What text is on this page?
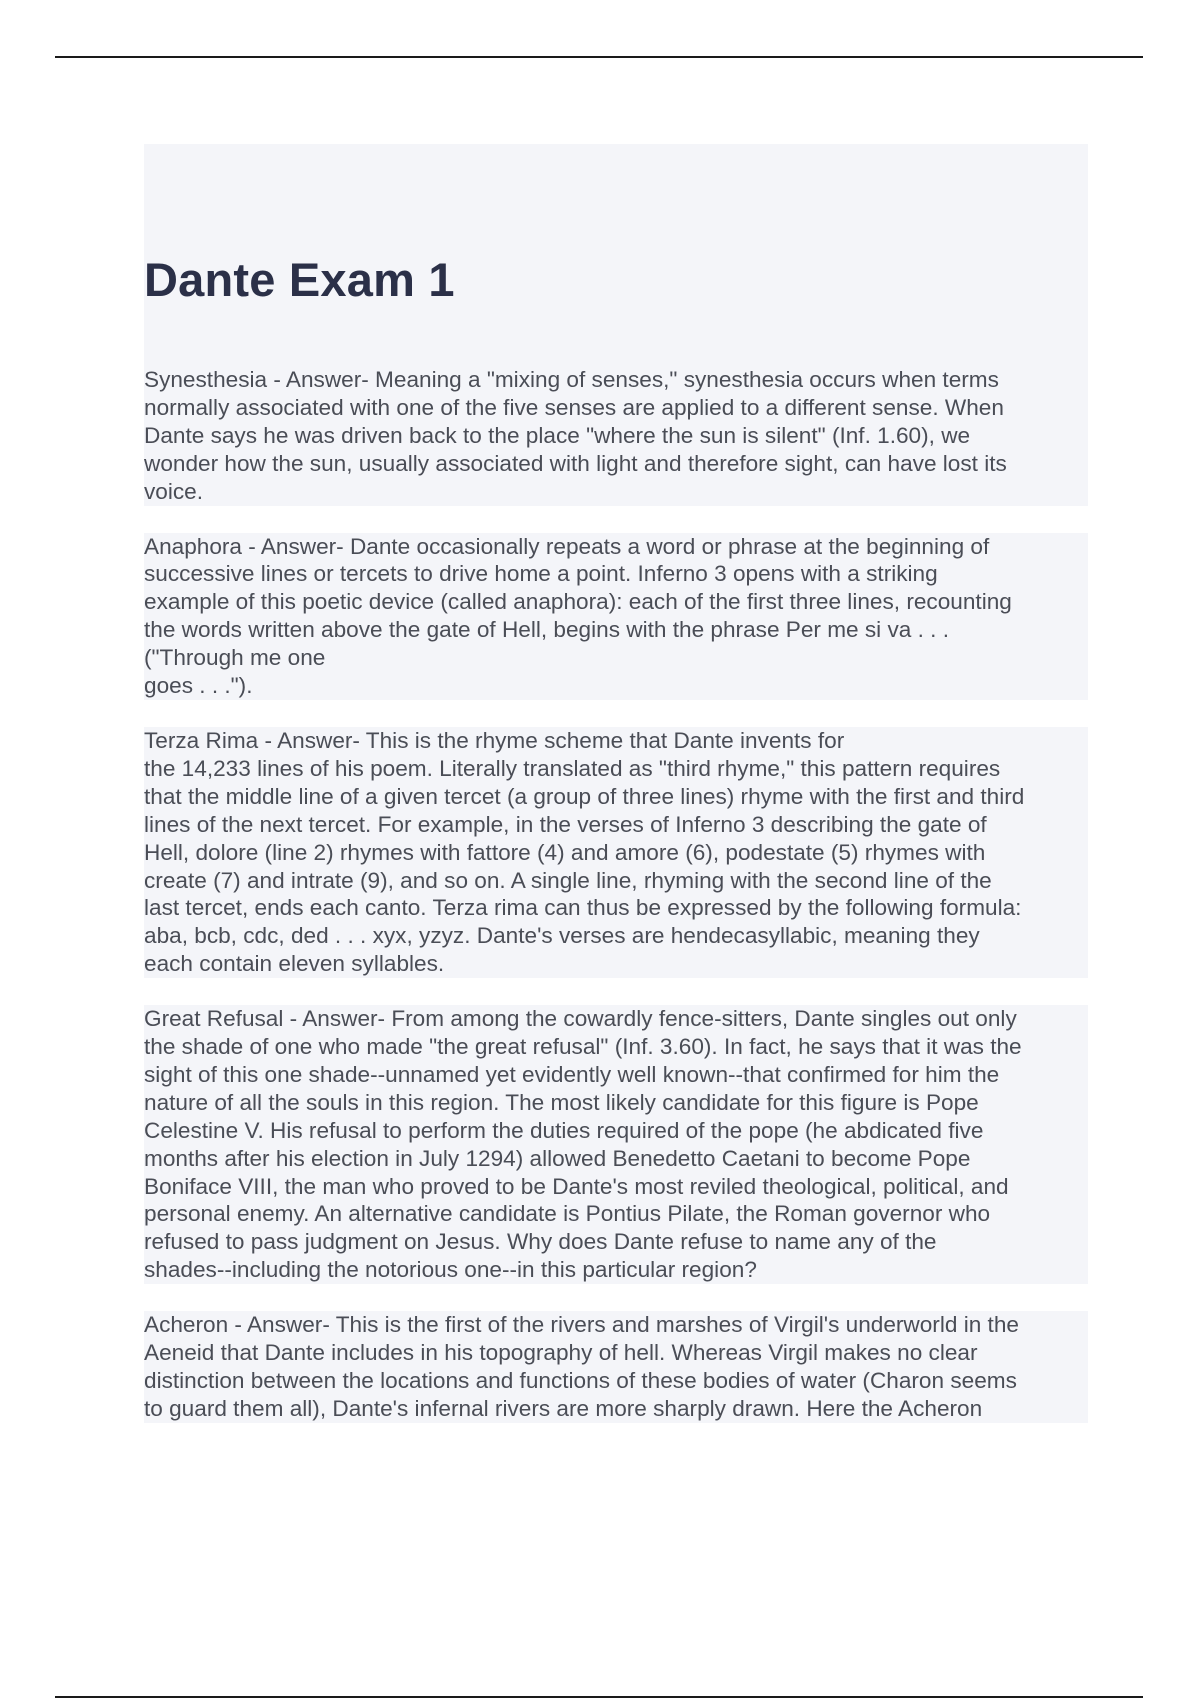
Dante Exam 1
Synesthesia - Answer- Meaning a "mixing of senses," synesthesia occurs when terms
normally associated with one of the five senses are applied to a different sense. When
Dante says he was driven back to the place "where the sun is silent" (Inf. 1.60), we
wonder how the sun, usually associated with light and therefore sight, can have lost its
voice.
Anaphora - Answer- Dante occasionally repeats a word or phrase at the beginning of
successive lines or tercets to drive home a point. Inferno 3 opens with a striking
example of this poetic device (called anaphora): each of the first three lines, recounting
the words written above the gate of Hell, begins with the phrase Per me si va . . .
("Through me one
goes . . .").
Terza Rima - Answer- This is the rhyme scheme that Dante invents for
the 14,233 lines of his poem. Literally translated as "third rhyme," this pattern requires
that the middle line of a given tercet (a group of three lines) rhyme with the first and third
lines of the next tercet. For example, in the verses of Inferno 3 describing the gate of
Hell, dolore (line 2) rhymes with fattore (4) and amore (6), podestate (5) rhymes with
create (7) and intrate (9), and so on. A single line, rhyming with the second line of the
last tercet, ends each canto. Terza rima can thus be expressed by the following formula:
aba, bcb, cdc, ded . . . xyx, yzyz. Dante's verses are hendecasyllabic, meaning they
each contain eleven syllables.
Great Refusal - Answer- From among the cowardly fence-sitters, Dante singles out only
the shade of one who made "the great refusal" (Inf. 3.60). In fact, he says that it was the
sight of this one shade--unnamed yet evidently well known--that confirmed for him the
nature of all the souls in this region. The most likely candidate for this figure is Pope
Celestine V. His refusal to perform the duties required of the pope (he abdicated five
months after his election in July 1294) allowed Benedetto Caetani to become Pope
Boniface VIII, the man who proved to be Dante's most reviled theological, political, and
personal enemy. An alternative candidate is Pontius Pilate, the Roman governor who
refused to pass judgment on Jesus. Why does Dante refuse to name any of the
shades--including the notorious one--in this particular region?
Acheron - Answer- This is the first of the rivers and marshes of Virgil's underworld in the
Aeneid that Dante includes in his topography of hell. Whereas Virgil makes no clear
distinction between the locations and functions of these bodies of water (Charon seems
to guard them all), Dante's infernal rivers are more sharply drawn. Here the Acheron
